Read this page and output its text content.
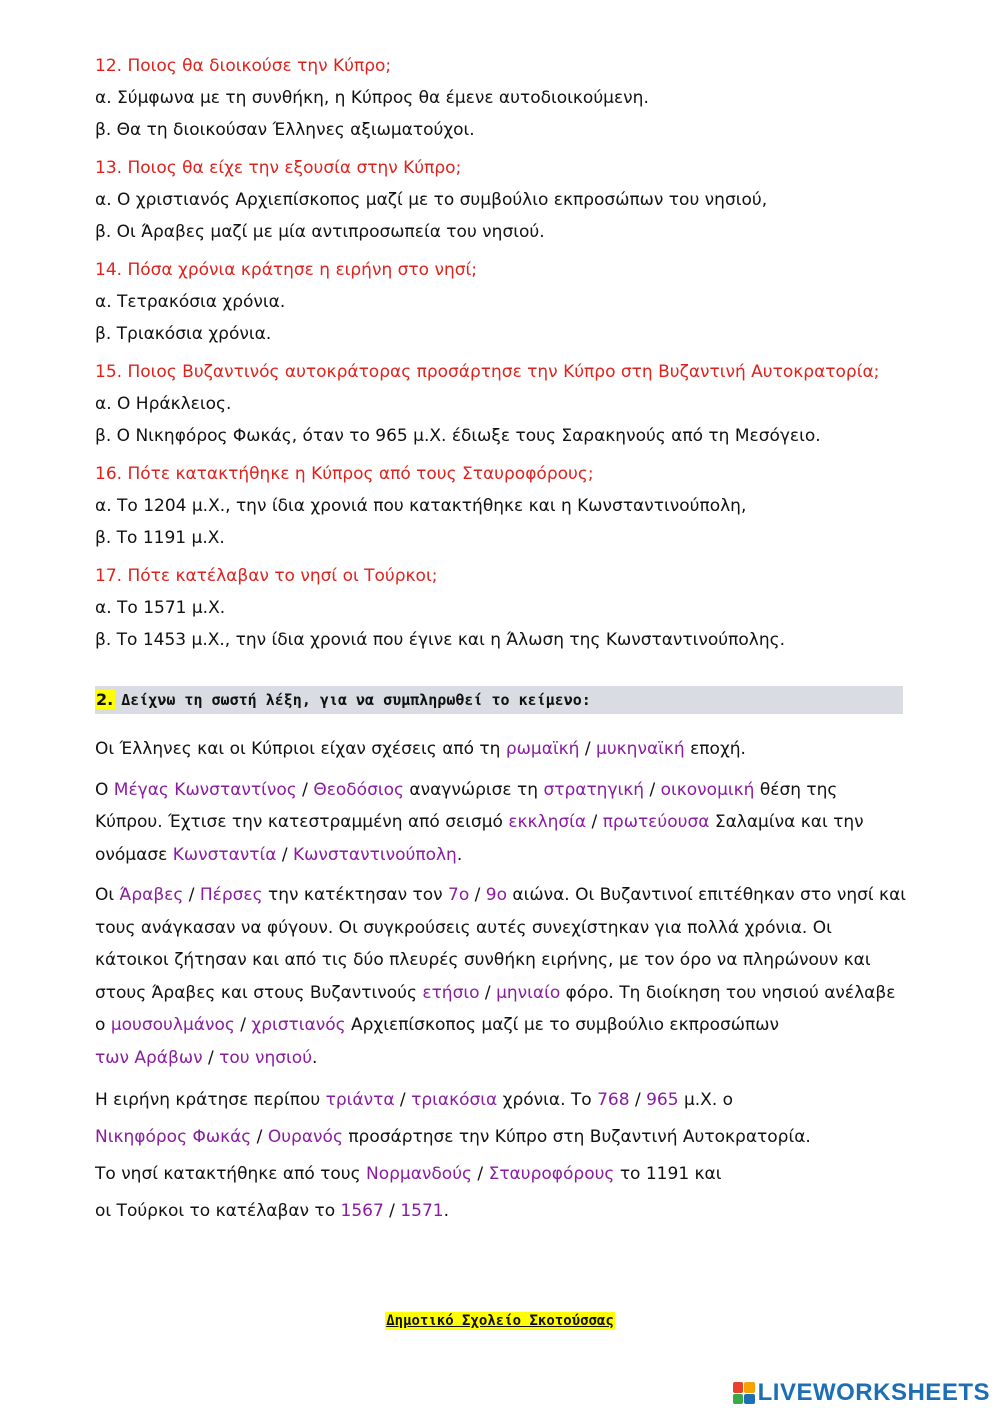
12. Ποιος θα διοικούσε την Κύπρο;

α. Σύμφωνα με τη συνθήκη, η Κύπρος θα έμενε αυτοδιοικούμενη.

β. Θα τη διοικούσαν Έλληνες αξιωματούχοι.

13. Ποιος θα είχε την εξουσία στην Κύπρο;

α. Ο χριστιανός Αρχιεπίσκοπος μαζί με το συμβούλιο εκπροσώπων του νησιού,

β. Οι Άραβες μαζί με μία αντιπροσωπεία του νησιού.

14. Πόσα χρόνια κράτησε η ειρήνη στο νησί;

α. Τετρακόσια χρόνια.

β. Τριακόσια χρόνια.

15. Ποιος Βυζαντινός αυτοκράτορας προσάρτησε την Κύπρο στη Βυζαντινή Αυτοκρατορία;

α. Ο Ηράκλειος.

β. Ο Νικηφόρος Φωκάς, όταν το 965 μ.Χ. έδιωξε τους Σαρακηνούς από τη Μεσόγειο.

16. Πότε κατακτήθηκε η Κύπρος από τους Σταυροφόρους;

α. Το 1204 μ.Χ., την ίδια χρονιά που κατακτήθηκε και η Κωνσταντινούπολη,

β. Το 1191 μ.Χ.

17. Πότε κατέλαβαν το νησί οι Τούρκοι;

α. Το 1571 μ.Χ.

β. Το 1453 μ.Χ., την ίδια χρονιά που έγινε και η Άλωση της Κωνσταντινούπολης.

2. Δείχνω τη σωστή λέξη, για να συμπληρωθεί το κείμενο:

Οι Έλληνες και οι Κύπριοι είχαν σχέσεις από τη ρωμαϊκή / μυκηναϊκή εποχή.

Ο Μέγας Κωνσταντίνος / Θεοδόσιος αναγνώρισε τη στρατηγική / οικονομική θέση της Κύπρου. Έχτισε την κατεστραμμένη από σεισμό εκκλησία / πρωτεύουσα Σαλαμίνα και την ονόμασε Κωνσταντία / Κωνσταντινούπολη.

Οι Άραβες / Πέρσες την κατέκτησαν τον 7ο / 9ο αιώνα. Οι Βυζαντινοί επιτέθηκαν στο νησί και τους ανάγκασαν να φύγουν. Οι συγκρούσεις αυτές συνεχίστηκαν για πολλά χρόνια. Οι κάτοικοι ζήτησαν και από τις δύο πλευρές συνθήκη ειρήνης, με τον όρο να πληρώνουν και στους Άραβες και στους Βυζαντινούς ετήσιο / μηνιαίο φόρο. Τη διοίκηση του νησιού ανέλαβε ο μουσουλμάνος / χριστιανός Αρχιεπίσκοπος μαζί με το συμβούλιο εκπροσώπων
των Αράβων / του νησιού.

Η ειρήνη κράτησε περίπου τριάντα / τριακόσια χρόνια. Το 768 / 965 μ.Χ. ο
Νικηφόρος Φωκάς / Ουρανός προσάρτησε την Κύπρο στη Βυζαντινή Αυτοκρατορία.
Το νησί κατακτήθηκε από τους Νορμανδούς / Σταυροφόρους το 1191 και
οι Τούρκοι το κατέλαβαν το 1567 / 1571.
Δημοτικό Σχολείο Σκοτούσσας
LIVEWORKSHEETS
